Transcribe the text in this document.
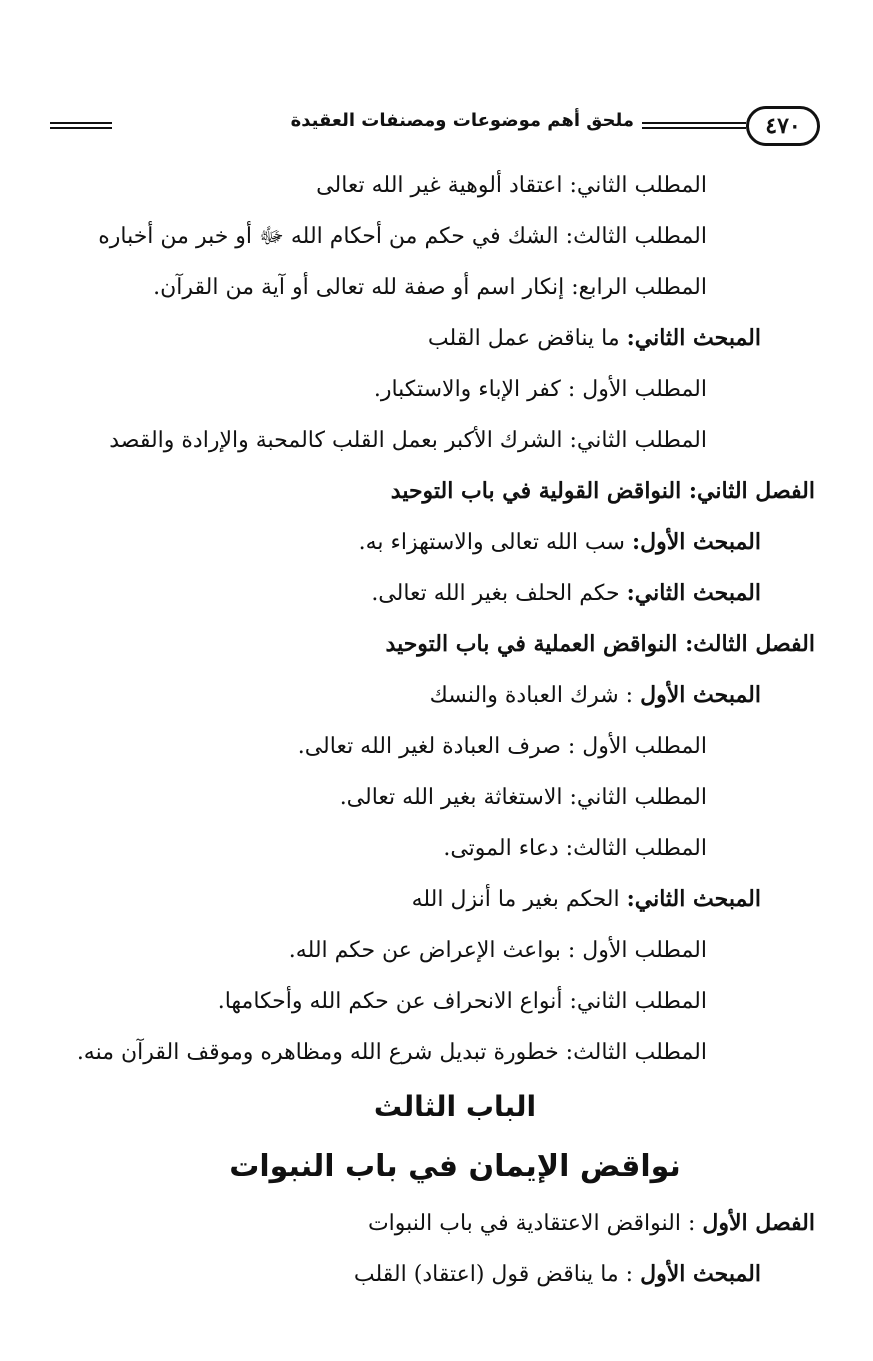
٤٧٠
ملحق أهم موضوعات ومصنفات العقيدة
المطلب الثاني: اعتقاد ألوهية غير الله تعالى
المطلب الثالث: الشك في حكم من أحكام الله ﷻ أو خبر من أخباره
المطلب الرابع: إنكار اسم أو صفة لله تعالى أو آية من القرآن.
المبحث الثاني: ما يناقض عمل القلب
المطلب الأول : كفر الإباء والاستكبار.
المطلب الثاني: الشرك الأكبر بعمل القلب كالمحبة والإرادة والقصد
الفصل الثاني: النواقض القولية في باب التوحيد
المبحث الأول: سب الله تعالى والاستهزاء به.
المبحث الثاني: حكم الحلف بغير الله تعالى.
الفصل الثالث: النواقض العملية في باب التوحيد
المبحث الأول : شرك العبادة والنسك
المطلب الأول : صرف العبادة لغير الله تعالى.
المطلب الثاني: الاستغاثة بغير الله تعالى.
المطلب الثالث: دعاء الموتى.
المبحث الثاني: الحكم بغير ما أنزل الله
المطلب الأول : بواعث الإعراض عن حكم الله.
المطلب الثاني: أنواع الانحراف عن حكم الله وأحكامها.
المطلب الثالث: خطورة تبديل شرع الله ومظاهره وموقف القرآن منه.
الباب الثالث
نواقض الإيمان في باب النبوات
الفصل الأول : النواقض الاعتقادية في باب النبوات
المبحث الأول : ما يناقض قول (اعتقاد) القلب
